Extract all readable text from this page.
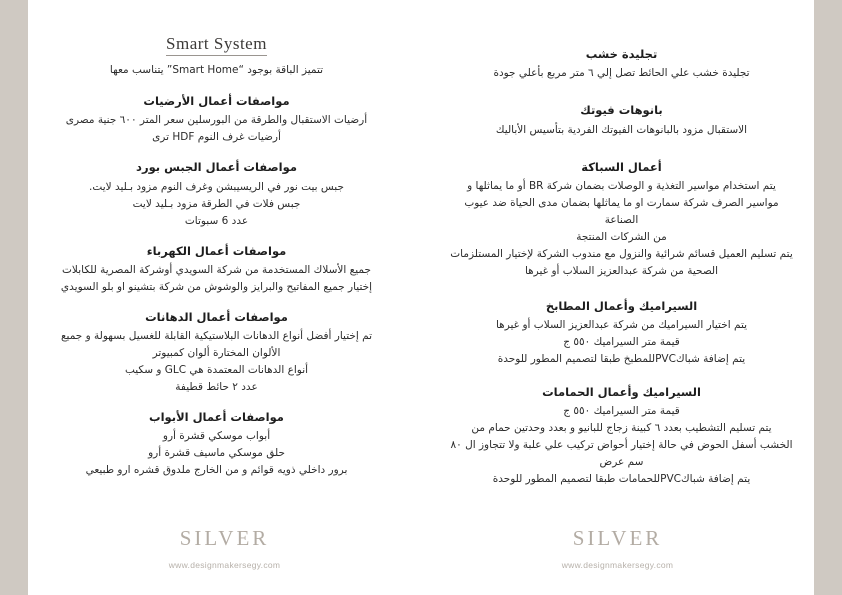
Smart System
تتميز الباقة بوجود “Smart Home” يتناسب معها
مواصفات أعمال الأرضيات
أرضيات الاستقبال والطرقة من البورسلين سعر المتر ٦٠٠ جنية مصرى
أرضيات غرف النوم HDF ترى
مواصفات أعمال الجبس بورد
جبس بيت نور في الريسيبشن وغرف النوم مزود بـلید لایت.
جبس فلات في الطرقة مزود بـلید لایت
عدد 6 سبوتات
مواصفات أعمال الكهرباء
جميع الأسلاك المستخدمة من شركة السويدي أوشركة المصرية للكابلات
إختيار جميع المفاتيح والبرايز والوشوش من شركة بتشينو او بلو السويدي
مواصفات أعمال الدهانات
تم إختيار أفضل أنواع الدهانات البلاستيكية القابلة للغسيل بسهولة و جميع
الألوان المختارة ألوان كمبيوتر
أنواع الدهانات المعتمدة هي GLC و سكيب
عدد ٢ حائط قطيفة
مواصفات أعمال الأبواب
أبواب موسکي قشرة أرو
حلق موسكي ماسيف قشرة أرو
برور داخلي ذويه قوائم و من الخارج ملدوق قشره ارو طبيعي
تجليدة خشب
تجليدة خشب علي الحائط تصل إلي ٦ متر مربع بأعلي جودة
بانوهات فيوتك
الاستقبال مزود بالبانوهات الفيوتك الفردية بتأسيس الأباليك
أعمال السباكة
يتم استخدام مواسير التغذية و الوصلات بضمان شركة BR أو ما يماثلها و
مواسير الصرف شركة سمارت او ما يماثلها بضمان مدى الحياة ضد عيوب الصناعة
من الشركات المنتجة
يتم تسليم العميل قسائم شرائية والنزول مع مندوب الشركة لإختيار المستلزمات
الصحية من شركة عبدالعزيز السلاب أو غيرها
السيراميك وأعمال المطابخ
يتم اختيار السيراميك من شركة عبدالعزيز السلاب أو غيرها
قيمة متر السيراميك ٥٥٠ ج
يتم إضافة شباكPVCللمطبخ طبقا لتصميم المطور للوحدة
السيراميك وأعمال الحمامات
قيمة متر السيراميك ٥٥٠ ج
يتم تسليم التشطيب بعدد ٦ كبينة زجاج للبانيو و بعدد وحدتين حمام من
الخشب أسفل الحوض في حالة إختيار أحواض تركيب علي علبة ولا تتجاوز ال ٨٠
سم عرض
يتم إضافة شباكPVCللحمامات طبقا لتصميم المطور للوحدة
SILVER
www.designmakersegy.com
SILVER
www.designmakersegy.com
